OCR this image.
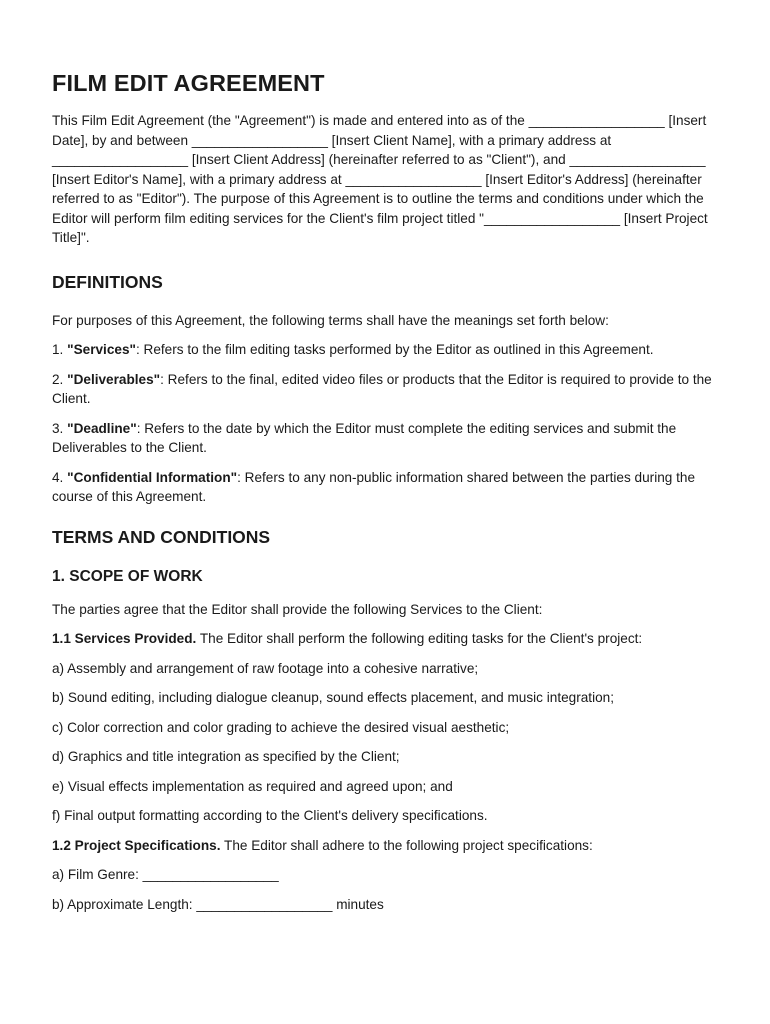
FILM EDIT AGREEMENT

This Film Edit Agreement (the "Agreement") is made and entered into as of the __________________ [Insert Date], by and between __________________ [Insert Client Name], with a primary address at __________________ [Insert Client Address] (hereinafter referred to as "Client"), and __________________ [Insert Editor's Name], with a primary address at __________________ [Insert Editor's Address] (hereinafter referred to as "Editor"). The purpose of this Agreement is to outline the terms and conditions under which the Editor will perform film editing services for the Client's film project titled "__________________ [Insert Project Title]".

DEFINITIONS

For purposes of this Agreement, the following terms shall have the meanings set forth below:

1. "Services": Refers to the film editing tasks performed by the Editor as outlined in this Agreement.

2. "Deliverables": Refers to the final, edited video files or products that the Editor is required to provide to the Client.

3. "Deadline": Refers to the date by which the Editor must complete the editing services and submit the Deliverables to the Client.

4. "Confidential Information": Refers to any non-public information shared between the parties during the course of this Agreement.

TERMS AND CONDITIONS
1. SCOPE OF WORK

The parties agree that the Editor shall provide the following Services to the Client:

1.1 Services Provided. The Editor shall perform the following editing tasks for the Client's project:

a) Assembly and arrangement of raw footage into a cohesive narrative;

b) Sound editing, including dialogue cleanup, sound effects placement, and music integration;

c) Color correction and color grading to achieve the desired visual aesthetic;

d) Graphics and title integration as specified by the Client;

e) Visual effects implementation as required and agreed upon; and

f) Final output formatting according to the Client's delivery specifications.

1.2 Project Specifications. The Editor shall adhere to the following project specifications:

a) Film Genre: __________________

b) Approximate Length: __________________ minutes
